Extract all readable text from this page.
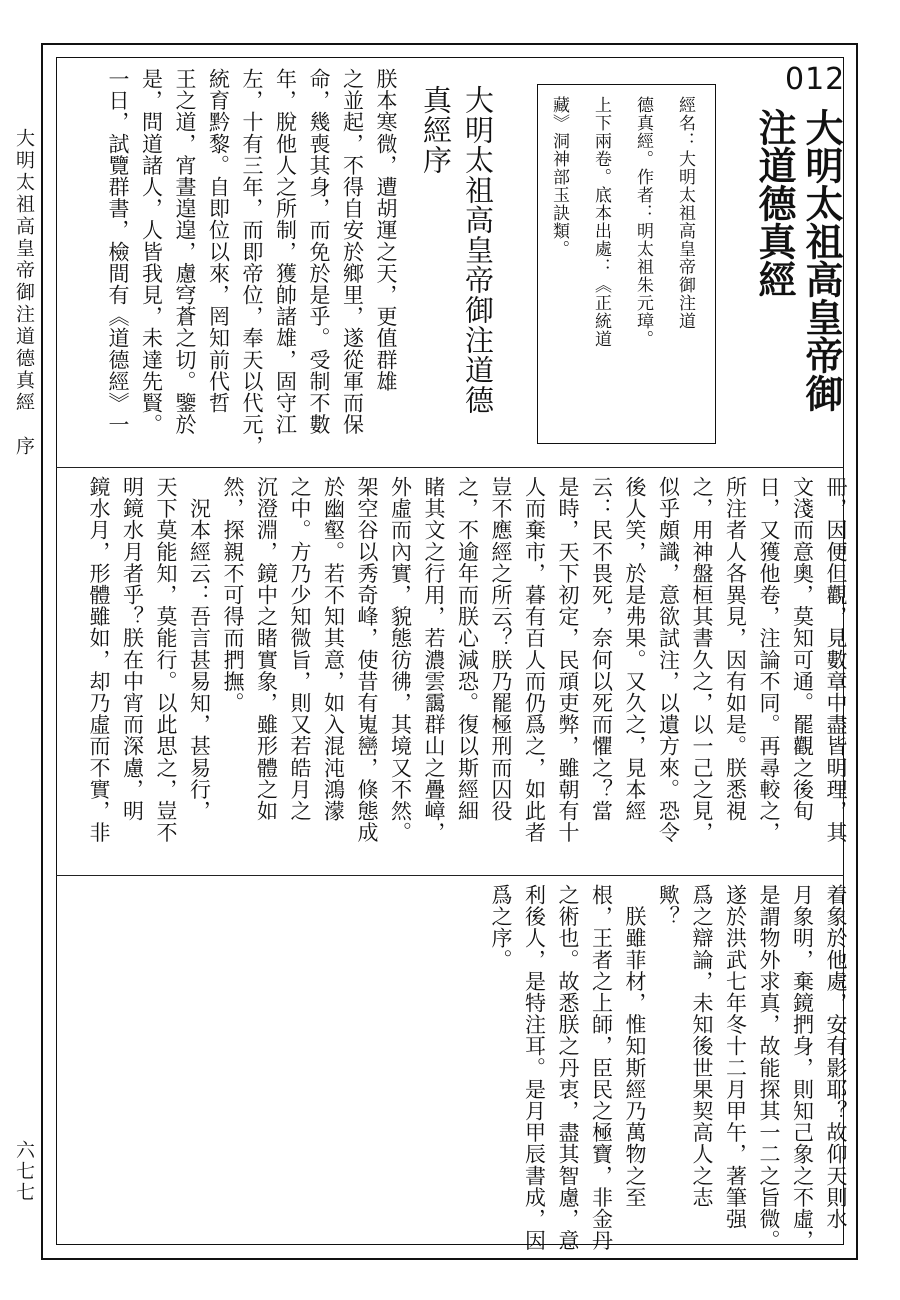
大明太祖高皇帝御注道德真經　序
六七七
012
大明太祖高皇帝御
注道德真經
經名：大明太祖高皇帝御注道
德真經。作者：明太祖朱元璋。
上下兩卷。底本出處：《正統道
藏》洞神部玉訣類。
大明太祖高皇帝御注道德
真經序
朕本寒微，遭胡運之天，更值群雄
之並起，不得自安於鄉里，遂從軍而保
命，幾喪其身，而免於是乎。受制不數
年，脫他人之所制，獲帥諸雄，固守江
左，十有三年，而即帝位，奉天以代元，
統育黔黎。自即位以來，罔知前代哲
王之道，宵晝遑遑，慮穹蒼之切。鑒於
是，問道諸人，人皆我見，未達先賢。
一日，試覽群書，檢間有《道德經》一
冊，因便但觀，見數章中盡皆明理，其
文淺而意奧，莫知可通。罷觀之後旬
日，又獲他卷，注論不同。再尋較之，
所注者人各異見，因有如是。朕悉視
之，用神盤桓其書久之，以一己之見，
似乎頗識，意欲試注，以遺方來。恐令
後人笑，於是弗果。又久之，見本經
云：民不畏死，奈何以死而懼之？當
是時，天下初定，民頑吏弊，雖朝有十
人而棄市，暮有百人而仍爲之，如此者
豈不應經之所云？朕乃罷極刑而囚役
之，不逾年而朕心減恐。復以斯經細
睹其文之行用，若濃雲靄群山之疊嶂，
外虛而內實，貌態彷彿，其境又不然。
架空谷以秀奇峰，使昔有嵬巒，倏態成
於幽壑。若不知其意，如入混沌鴻濛
之中。方乃少知微旨，則又若皓月之
沉澄淵，鏡中之睹實象，雖形體之如
然，探親不可得而捫撫。
　況本經云：吾言甚易知，甚易行，
天下莫能知，莫能行。以此思之，豈不
明鏡水月者乎？朕在中宵而深慮，明
鏡水月，形體雖如，却乃虛而不實，非
着象於他處，安有影耶？故仰天則水
月象明，棄鏡捫身，則知己象之不虛，
是謂物外求真，故能探其一二之旨微。
遂於洪武七年冬十二月甲午，著筆强
爲之辯論，未知後世果契高人之志
歟？
　朕雖菲材，惟知斯經乃萬物之至
根，王者之上師，臣民之極寶，非金丹
之術也。故悉朕之丹衷，盡其智慮，意
利後人，是特注耳。是月甲辰書成，因
爲之序。
